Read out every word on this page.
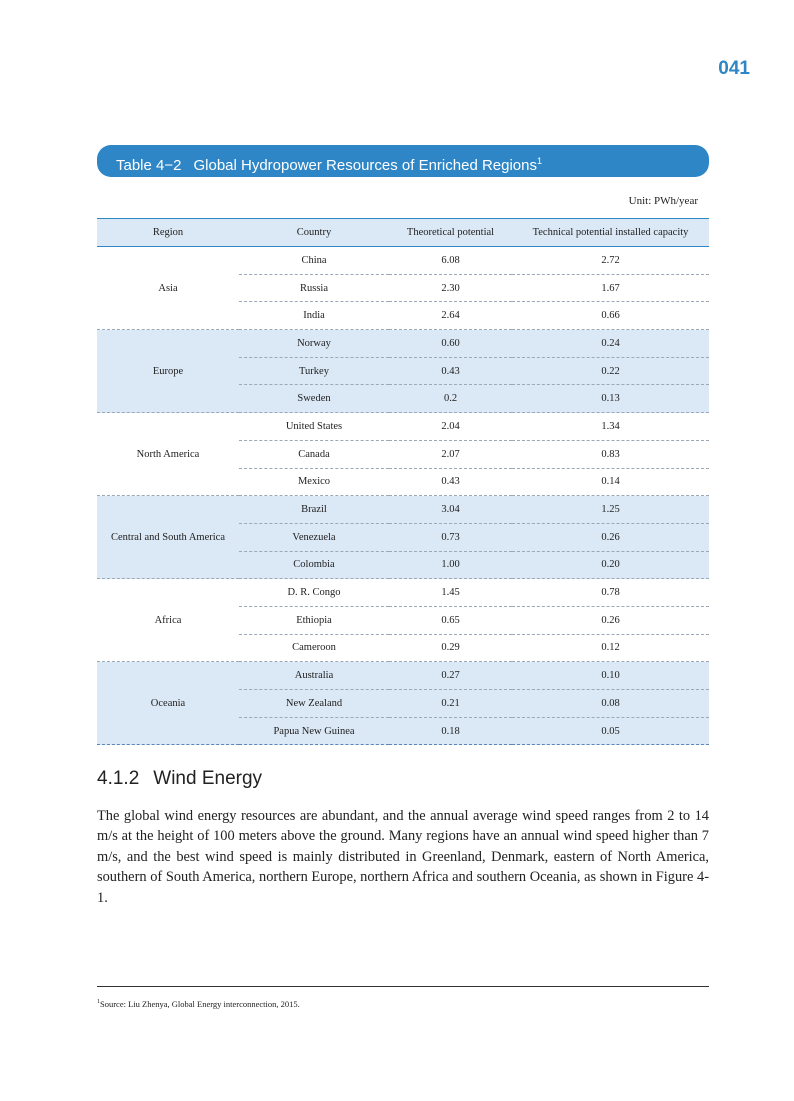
041
Table 4−2 Global Hydropower Resources of Enriched Regions$^1$
Unit: PWh/year
Region	Country	Theoretical potential	Technical potential installed capacity
Asia	China	6.08	2.72
	Russia	2.30	1.67
	India	2.64	0.66
Europe	Norway	0.60	0.24
	Turkey	0.43	0.22
	Sweden	0.2	0.13
North America	United States	2.04	1.34
	Canada	2.07	0.83
	Mexico	0.43	0.14
Central and South America	Brazil	3.04	1.25
	Venezuela	0.73	0.26
	Colombia	1.00	0.20
Africa	D. R. Congo	1.45	0.78
	Ethiopia	0.65	0.26
	Cameroon	0.29	0.12
Oceania	Australia	0.27	0.10
	New Zealand	0.21	0.08
	Papua New Guinea	0.18	0.05
4.1.2 Wind Energy

The global wind energy resources are abundant, and the annual average wind speed ranges from 2 to 14 m/s at the height of 100 meters above the ground. Many regions have an annual wind speed higher than 7 m/s, and the best wind speed is mainly distributed in Greenland, Denmark, eastern of North America, southern of South America, northern Europe, northern Africa and southern Oceania, as shown in Figure 4-1.

$^1$Source: Liu Zhenya, Global Energy interconnection, 2015.
